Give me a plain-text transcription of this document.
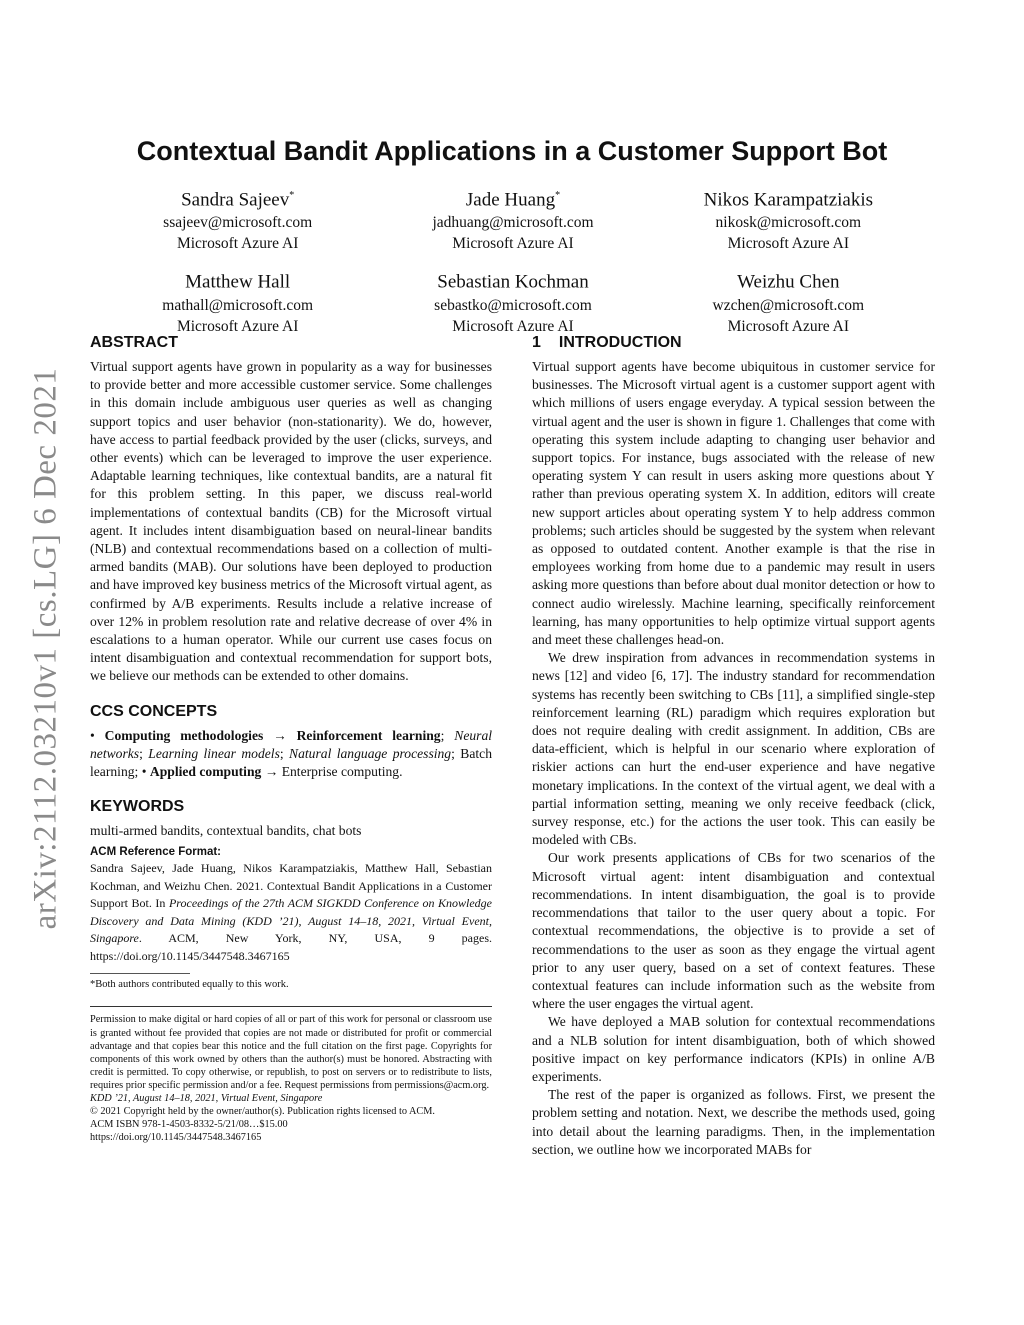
arXiv:2112.03210v1 [cs.LG] 6 Dec 2021
Contextual Bandit Applications in a Customer Support Bot
Sandra Sajeev*
ssajeev@microsoft.com
Microsoft Azure AI
Jade Huang*
jadhuang@microsoft.com
Microsoft Azure AI
Nikos Karampatziakis
nikosk@microsoft.com
Microsoft Azure AI
Matthew Hall
mathall@microsoft.com
Microsoft Azure AI
Sebastian Kochman
sebastko@microsoft.com
Microsoft Azure AI
Weizhu Chen
wzchen@microsoft.com
Microsoft Azure AI
ABSTRACT

Virtual support agents have grown in popularity as a way for businesses to provide better and more accessible customer service. Some challenges in this domain include ambiguous user queries as well as changing support topics and user behavior (non-stationarity). We do, however, have access to partial feedback provided by the user (clicks, surveys, and other events) which can be leveraged to improve the user experience. Adaptable learning techniques, like contextual bandits, are a natural fit for this problem setting. In this paper, we discuss real-world implementations of contextual bandits (CB) for the Microsoft virtual agent. It includes intent disambiguation based on neural-linear bandits (NLB) and contextual recommendations based on a collection of multi-armed bandits (MAB). Our solutions have been deployed to production and have improved key business metrics of the Microsoft virtual agent, as confirmed by A/B experiments. Results include a relative increase of over 12% in problem resolution rate and relative decrease of over 4% in escalations to a human operator. While our current use cases focus on intent disambiguation and contextual recommendation for support bots, we believe our methods can be extended to other domains.

CCS CONCEPTS

• Computing methodologies → Reinforcement learning; Neural networks; Learning linear models; Natural language processing; Batch learning; • Applied computing → Enterprise computing.

KEYWORDS

multi-armed bandits, contextual bandits, chat bots

ACM Reference Format:

Sandra Sajeev, Jade Huang, Nikos Karampatziakis, Matthew Hall, Sebastian Kochman, and Weizhu Chen. 2021. Contextual Bandit Applications in a Customer Support Bot. In Proceedings of the 27th ACM SIGKDD Conference on Knowledge Discovery and Data Mining (KDD ’21), August 14–18, 2021, Virtual Event, Singapore. ACM, New York, NY, USA, 9 pages. https://doi.org/10.1145/3447548.3467165

*Both authors contributed equally to this work.
Permission to make digital or hard copies of all or part of this work for personal or classroom use is granted without fee provided that copies are not made or distributed for profit or commercial advantage and that copies bear this notice and the full citation on the first page. Copyrights for components of this work owned by others than the author(s) must be honored. Abstracting with credit is permitted. To copy otherwise, or republish, to post on servers or to redistribute to lists, requires prior specific permission and/or a fee. Request permissions from permissions@acm.org.
KDD ’21, August 14–18, 2021, Virtual Event, Singapore
© 2021 Copyright held by the owner/author(s). Publication rights licensed to ACM.
ACM ISBN 978-1-4503-8332-5/21/08…$15.00
https://doi.org/10.1145/3447548.3467165
1 INTRODUCTION

Virtual support agents have become ubiquitous in customer service for businesses. The Microsoft virtual agent is a customer support agent with which millions of users engage everyday. A typical session between the virtual agent and the user is shown in figure 1. Challenges that come with operating this system include adapting to changing user behavior and support topics. For instance, bugs associated with the release of new operating system Y can result in users asking more questions about Y rather than previous operating system X. In addition, editors will create new support articles about operating system Y to help address common problems; such articles should be suggested by the system when relevant as opposed to outdated content. Another example is that the rise in employees working from home due to a pandemic may result in users asking more questions than before about dual monitor detection or how to connect audio wirelessly. Machine learning, specifically reinforcement learning, has many opportunities to help optimize virtual support agents and meet these challenges head-on.

We drew inspiration from advances in recommendation systems in news [12] and video [6, 17]. The industry standard for recommendation systems has recently been switching to CBs [11], a simplified single-step reinforcement learning (RL) paradigm which requires exploration but does not require dealing with credit assignment. In addition, CBs are data-efficient, which is helpful in our scenario where exploration of riskier actions can hurt the end-user experience and have negative monetary implications. In the context of the virtual agent, we deal with a partial information setting, meaning we only receive feedback (click, survey response, etc.) for the actions the user took. This can easily be modeled with CBs.

Our work presents applications of CBs for two scenarios of the Microsoft virtual agent: intent disambiguation and contextual recommendations. In intent disambiguation, the goal is to provide recommendations that tailor to the user query about a topic. For contextual recommendations, the objective is to provide a set of recommendations to the user as soon as they engage the virtual agent prior to any user query, based on a set of context features. These contextual features can include information such as the website from where the user engages the virtual agent.

We have deployed a MAB solution for contextual recommendations and a NLB solution for intent disambiguation, both of which showed positive impact on key performance indicators (KPIs) in online A/B experiments.

The rest of the paper is organized as follows. First, we present the problem setting and notation. Next, we describe the methods used, going into detail about the learning paradigms. Then, in the implementation section, we outline how we incorporated MABs for
